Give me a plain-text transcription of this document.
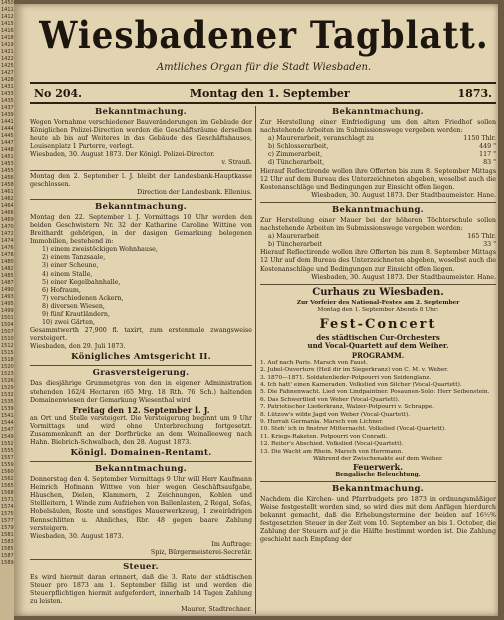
1450
1411
1412
1415
1416
1418
1419
1421
1422
1425
1427
1428
1431
1433
1435
1437
1439
1441
1444
1445
1447
1448
1451
1453
1455
1456
1458
1461
1462
1464
1466
1469
1470
1472
1474
1476
1478
1480
1482
1485
1487
1490
1493
1495
1499
1501
1504
1507
1510
1512
1515
1518
1520
1523
1526
1529
1532
1535
1539
1541
1544
1547
1549
1552
1555
1557
1559
1560
1562
1565
1568
1571
1574
1575
1577
1579
1581
1583
1585
1587
1589
Wiesbadener Tagblatt.
Amtliches Organ für die Stadt Wiesbaden.
No 204.	Montag den 1. September	1873.
Bekanntmachung.

Wegen Vornahme verschiedener Bauveränderungen im Gebäude der Königlichen Polizei-Direction werden die Geschäftsräume derselben heute ab bis auf Weiteres in das Gebäude des Geschäftshauses, Louisenplatz 1 Parterre, verlegt.

Wiesbaden, 30. August 1873. Der Königl. Polizei-Director.

v. Strauß.

Montag den 2. September l. J. bleibt der Landesbank-Hauptkasse geschlossen.

Direction der Landesbank. Ellenius.

Bekanntmachung.

Montag den 22. September l. J. Vormittags 10 Uhr werden den beiden Geschwistern Nr. 32 der Katharine Caroline Wittine von Breithardt gehörigen, in der dasigen Gemarkung belegenen Immobilien, bestehend in:

1) einem zweistöckigen Wohnhause,
2) einem Tanzsaale,
3) einer Scheune,
4) einem Stalle,
5) einer Kegelbahnhalle,
6) Hofraum,
7) verschiedenen Ackern,
8) diversen Wiesen,
9) fünf Krautländern,
10) zwei Gärten,

Gesammtwerth 27,900 fl. taxirt, zum erstenmale zwangsweise versteigert.

Wiesbaden, den 29. Juli 1873.

Königliches Amtsgericht II.
Grasversteigerung.

Das diesjährige Grummetgras von den in eigener Administration stehenden 162/4 Hectaren (65 Mrg. 18 Rth. 76 Sch.) haltenden Domainenwiesen der Gemarkung Wiesenthal wird

Freitag den 12. September l. J.

an Ort und Stelle versteigert. Die Versteigerung beginnt um 9 Uhr Vormittags und wird ohne Unterbrechung fortgesetzt. Zusammenkunft an der Dorfbrücke an dem Weinalleeweg nach Hahn. Biebrich-Schwalbach, den 28. August 1873.

Königl. Domainen-Rentamt.
Bekanntmachung.

Donnerstag den 4. September Vormittags 9 Uhr will Herr Kaufmann Heinrich Hofmann Wittwe von hier wegen Geschäftsaufgabe, Häuschen, Dielen, Klammern, 2 Zeichnungen, Kohlen und Stellleitern, 1 Winde zum Aufziehen von Ballenlasten, 2 Regal, Sofas, Hobelsäulen, Roste und sonstiges Mauerwerkzeug, 1 zweirädrigen Rennschlitten u. Ahnliches, Rbr. 48 gegen baare Zahlung versteigern.

Wiesbaden, 30. August 1873.

Im Auftrage:

Spiz, Bürgermeisterei-Secretär.

Steuer.

Es wird hiermit daran erinnert, daß die 3. Rate der städtischen Steuer pro 1873 am 1. September fällig ist und werden die Steuerpflichtigen hiermit aufgefordert, innerhalb 14 Tagen Zahlung zu leisten.

Maurer, Stadtrechner.

Bekanntmachung.

Zur Herstellung einer Einfriedigung um den alten Friedhof sollen nachstehende Arbeiten im Submissionswege vergeben werden:

a) Maurerarbeit, veranschlagt zu	1150 Thlr.
b) Schlosserarbeit,	449 "
c) Zimmerarbeit,	117 "
d) Tüncherarbeit,	83 "

Hierauf Reflectirende wollen ihre Offerten bis zum 8. September Mittags 12 Uhr auf dem Bureau des Unterzeichneten abgeben, woselbst auch die Kostenanschläge und Bedingungen zur Einsicht offen liegen.

Wiesbaden, 30. August 1873. Der Stadtbaumeister. Hane.

Bekanntmachung.

Zur Herstellung einer Mauer bei der höheren Töchterschule sollen nachstehende Arbeiten im Submissionswege vergeben werden:

a) Maurerarbeit	165 Thlr.
b) Tüncherarbeit	33 "

Hierauf Reflectirende wollen ihre Offerten bis zum 8. September Mittags 12 Uhr auf dem Bureau des Unterzeichneten abgeben, woselbst auch die Kostenanschläge und Bedingungen zur Einsicht offen liegen.

Wiesbaden, 30. August 1873. Der Stadtbaumeister. Hane.

Curhaus zu Wiesbaden.

Zur Vorfeier des National-Festes am 2. September

Montag den 1. September Abends 8 Uhr:

Fest-Concert

des städtischen Cur-Orchesters

und Vocal-Quartett auf dem Weiher.

PROGRAMM.

1. Auf nach Paris. Marsch von Faust.
2. Jubel-Ouverture (Heil dir im Siegerkranz) von C. M. v. Weber.
3. 1870—1871. Soldatenlieder-Potpourri von Seidenglanz.
4. Ich hatt' einen Kameraden. Volkslied von Silcher (Vocal-Quartett).
5. Die Fahnenwacht. Lied von Lindpaintner. Posaunen-Solo: Herr Seibenstein.
6. Das Schwertlied von Weber (Vocal-Quartett).
7. Patriotischer Liederkranz, Walzer-Potpourri v. Schrappe.
8. Lützow's wilde Jagd von Weber (Vocal-Quartett).
9. Hurrah Germania. Marsch von Lichner.
10. Steh' ich in finstrer Mitternacht. Volkslied (Vocal-Quartett).
11. Kriegs-Raketen. Potpourri von Conradi.
12. Reiter's Abschied. Volkslied (Vocal-Quartett).
13. Die Wacht am Rhein. Marsch von Herrmann.

Während der Zwischenakte auf dem Weiher.

Feuerwerk.

Bengalische Beleuchtung.

Bekanntmachung.

Nachdem die Kirchen- und Pfarrbudgets pro 1873 in ordnungsmäßiger Weise festgestellt worden sind, so wird dies mit dem Anfügen hierdurch bekannt gemacht, daß die Erhebungstermine der beiden auf 16½% festgesetzten Steuer in der Zeit vom 10. September an bis 1. October, die Zahlung der Steuern auf je die Hälfte bestimmt worden ist. Die Zahlung geschieht nach Empfang der
